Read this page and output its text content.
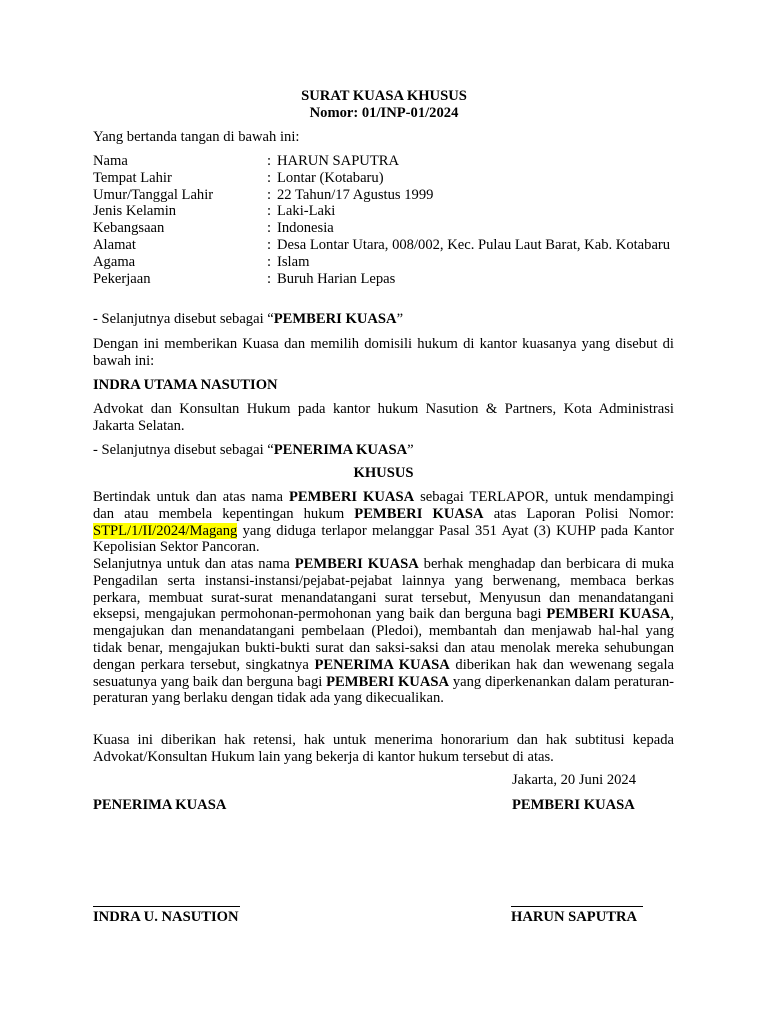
SURAT KUASA KHUSUS
Nomor: 01/INP-01/2024
Yang bertanda tangan di bawah ini:
Nama	:	HARUN SAPUTRA
Tempat Lahir	:	Lontar (Kotabaru)
Umur/Tanggal Lahir	:	22 Tahun/17 Agustus 1999
Jenis Kelamin	:	Laki-Laki
Kebangsaan	:	Indonesia
Alamat	:	Desa Lontar Utara, 008/002, Kec. Pulau Laut Barat, Kab. Kotabaru
Agama	:	Islam
Pekerjaan	:	Buruh Harian Lepas
- Selanjutnya disebut sebagai “PEMBERI KUASA”
Dengan ini memberikan Kuasa dan memilih domisili hukum di kantor kuasanya yang disebut di bawah ini:
INDRA UTAMA NASUTION
Advokat dan Konsultan Hukum pada kantor hukum Nasution & Partners, Kota Administrasi Jakarta Selatan.
- Selanjutnya disebut sebagai “PENERIMA KUASA”
KHUSUS
Bertindak untuk dan atas nama PEMBERI KUASA sebagai TERLAPOR, untuk mendampingi dan atau membela kepentingan hukum PEMBERI KUASA atas Laporan Polisi Nomor: STPL/1/II/2024/Magang yang diduga terlapor melanggar Pasal 351 Ayat (3) KUHP pada Kantor Kepolisian Sektor Pancoran.
Selanjutnya untuk dan atas nama PEMBERI KUASA berhak menghadap dan berbicara di muka Pengadilan serta instansi-instansi/pejabat-pejabat lainnya yang berwenang, membaca berkas perkara, membuat surat-surat menandatangani surat tersebut, Menyusun dan menandatangani eksepsi, mengajukan permohonan-permohonan yang baik dan berguna bagi PEMBERI KUASA, mengajukan dan menandatangani pembelaan (Pledoi), membantah dan menjawab hal-hal yang tidak benar, mengajukan bukti-bukti surat dan saksi-saksi dan atau menolak mereka sehubungan dengan perkara tersebut, singkatnya PENERIMA KUASA diberikan hak dan wewenang segala sesuatunya yang baik dan berguna bagi PEMBERI KUASA yang diperkenankan dalam peraturan-peraturan yang berlaku dengan tidak ada yang dikecualikan.
Kuasa ini diberikan hak retensi, hak untuk menerima honorarium dan hak subtitusi kepada Advokat/Konsultan Hukum lain yang bekerja di kantor hukum tersebut di atas.
Jakarta, 20 Juni 2024
PENERIMA KUASA	PEMBERI KUASA
INDRA U. NASUTION	HARUN SAPUTRA
